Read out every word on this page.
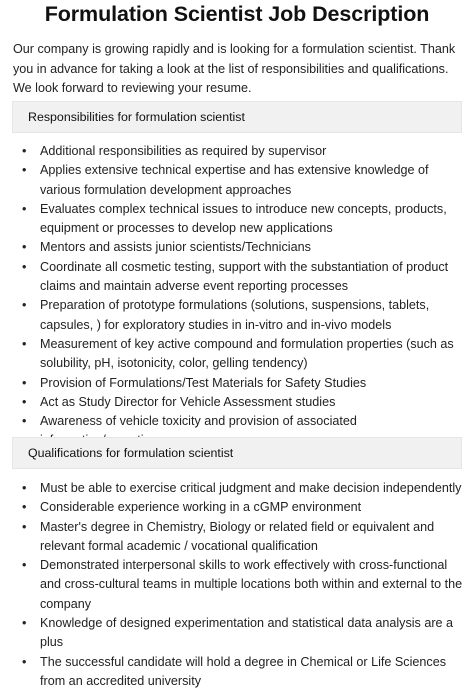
Formulation Scientist Job Description
Our company is growing rapidly and is looking for a formulation scientist. Thank you in advance for taking a look at the list of responsibilities and qualifications. We look forward to reviewing your resume.
Responsibilities for formulation scientist
• Additional responsibilities as required by supervisor
• Applies extensive technical expertise and has extensive knowledge of various formulation development approaches
• Evaluates complex technical issues to introduce new concepts, products, equipment or processes to develop new applications
• Mentors and assists junior scientists/Technicians
• Coordinate all cosmetic testing, support with the substantiation of product claims and maintain adverse event reporting processes
• Preparation of prototype formulations (solutions, suspensions, tablets, capsules, ) for exploratory studies in in-vitro and in-vivo models
• Measurement of key active compound and formulation properties (such as solubility, pH, isotonicity, color, gelling tendency)
• Provision of Formulations/Test Materials for Safety Studies
• Act as Study Director for Vehicle Assessment studies
• Awareness of vehicle toxicity and provision of associated
Qualifications for formulation scientist
• Must be able to exercise critical judgment and make decision independently
• Considerable experience working in a cGMP environment
• Master's degree in Chemistry, Biology or related field or equivalent and relevant formal academic / vocational qualification
• Demonstrated interpersonal skills to work effectively with cross-functional and cross-cultural teams in multiple locations both within and external to the company
• Knowledge of designed experimentation and statistical data analysis are a plus
• The successful candidate will hold a degree in Chemical or Life Sciences from an accredited university
